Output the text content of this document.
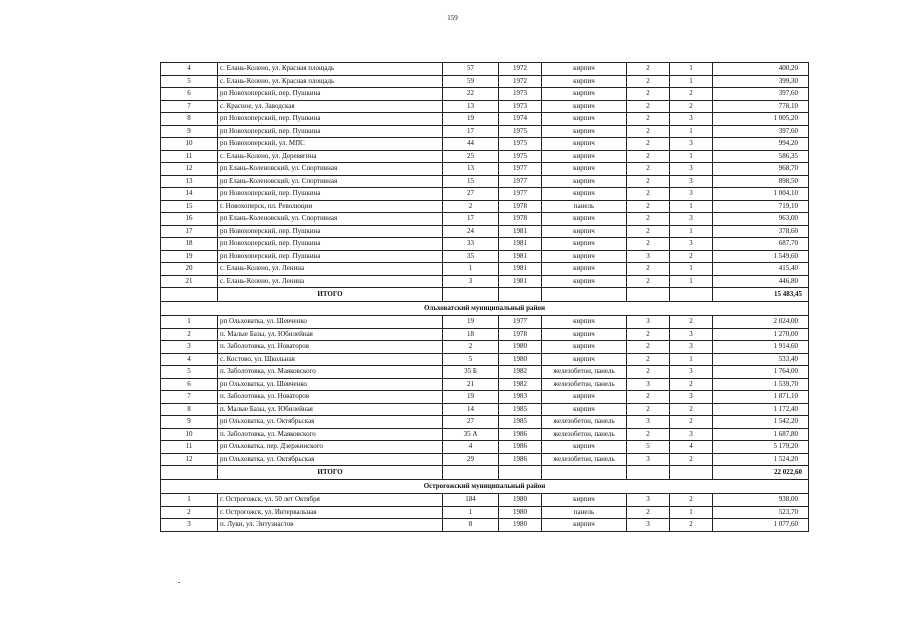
159
4	с. Елань-Колено, ул. Красная площадь	57	1972	кирпич	2	1	400,20
5	с. Елань-Колено, ул. Красная площадь	59	1972	кирпич	2	1	399,30
6	рп Новохоперский, пер. Пушкина	22	1973	кирпич	2	2	397,60
7	с. Красное, ул. Заводская	13	1973	кирпич	2	2	778,10
8	рп Новохоперский, пер. Пушкина	19	1974	кирпич	2	3	1 005,20
9	рп Новохоперский, пер. Пушкина	17	1975	кирпич	2	1	397,60
10	рп Новохоперский, ул. МПС	44	1975	кирпич	2	3	994,20
11	с. Елань-Колено, ул. Деревягина	25	1975	кирпич	2	1	586,35
12	рп Елань-Коленовский, ул. Спортивная	13	1977	кирпич	2	3	968,70
13	рп Елань-Коленовский, ул. Спортивная	15	1977	кирпич	2	3	898,50
14	рп Новохоперский, пер. Пушкина	27	1977	кирпич	2	3	1 004,10
15	г. Новохоперск, пл. Революции	2	1978	панель	2	1	719,10
16	рп Елань-Коленовский, ул. Спортивная	17	1978	кирпич	2	3	963,00
17	рп Новохоперский, пер. Пушкина	24	1981	кирпич	2	1	378,60
18	рп Новохоперский, пер. Пушкина	33	1981	кирпич	2	3	687,70
19	рп Новохоперский, пер. Пушкина	35	1981	кирпич	3	2	1 549,60
20	с. Елань-Колено, ул. Ленина	1	1981	кирпич	2	1	415,40
21	с. Елань-Колено, ул. Ленина	3	1981	кирпич	2	1	446,80
	ИТОГО						15 483,45
Ольховатский муниципальный район							
1	рп Ольховатка, ул. Шевченко	19	1977	кирпич	3	2	2 024,00
2	п. Малые Базы, ул. Юбилейная	18	1978	кирпич	2	3	1 270,00
3	п. Заболотовка, ул. Новаторов	2	1980	кирпич	2	3	1 914,60
4	с. Костово, ул. Школьная	5	1980	кирпич	2	1	533,40
5	п. Заболотовка, ул. Маяковского	35 Б	1982	железобетон, панель	2	3	1 764,00
6	рп Ольховатка, ул. Шевченко	21	1982	железобетон, панель	3	2	1 539,70
7	п. Заболотовка, ул. Новаторов	19	1983	кирпич	2	3	1 871,10
8	п. Малые Базы, ул. Юбилейная	14	1985	кирпич	2	2	1 172,40
9	рп Ольховатка, ул. Октябрьская	27	1985	железобетон, панель	3	2	1 542,20
10	п. Заболотовка, ул. Маяковского	35 А	1986	железобетон, панель	2	3	1 687,80
11	рп Ольховатка, пер. Дзержинского	4	1986	кирпич	5	4	5 179,20
12	рп Ольховатка, ул. Октябрьская	29	1986	железобетон, панель	3	2	1 524,20
	ИТОГО						22 022,60
Острогожский муниципальный район							
1	г. Острогожск, ул. 50 лет Октября	184	1980	кирпич	3	2	938,00
2	г. Острогожск, ул. Интервальная	1	1980	панель	2	1	523,70
3	п. Луки, ул. Энтузиастов	8	1980	кирпич	3	2	1 077,60
